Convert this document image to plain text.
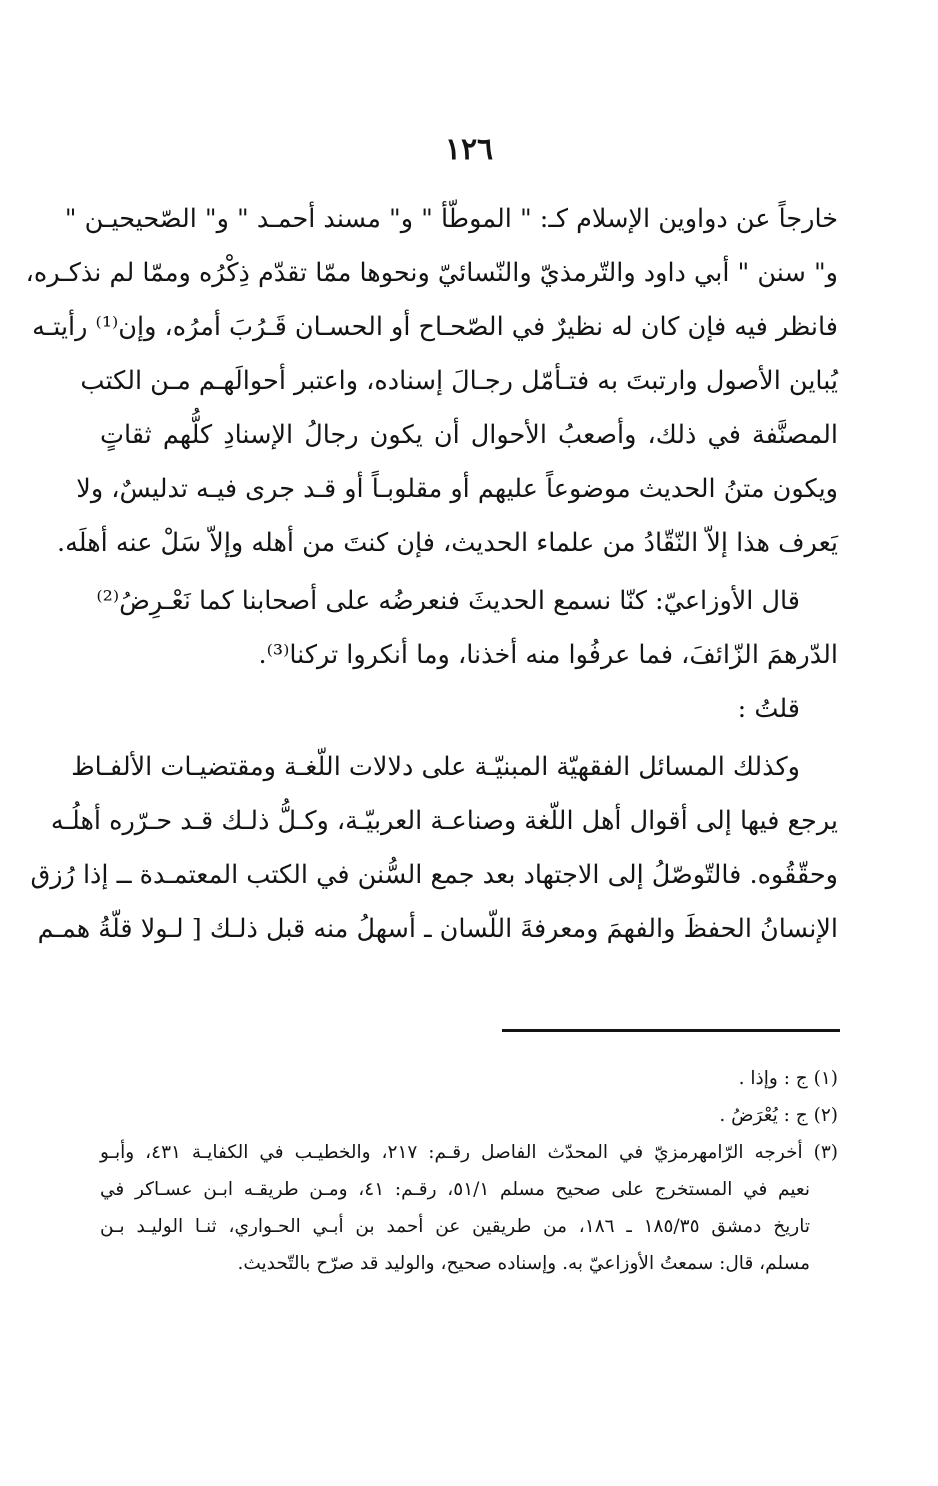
١٢٦
خارجاً عن دواوين الإسلام كـ: " الموطّأ " و" مسند أحمـد " و" الصّحيحيـن "
و" سنن " أبي داود والتّرمذيّ والنّسائيّ ونحوها ممّا تقدّم ذِكْرُه وممّا لم نذكـره،
فانظر فيه فإن كان له نظيرٌ في الصّحـاح أو الحسـان قَـرُبَ أمرُه، وإن⁽¹⁾ رأيتـه
يُباين الأصول وارتبتَ به فتـأمّل رجـالَ إسناده، واعتبر أحوالَهـم مـن الكتب
المصنَّفة في ذلك، وأصعبُ الأحوال أن يكون رجالُ الإسنادِ كلُّهم ثقاتٍ
ويكون متنُ الحديث موضوعاً عليهم أو مقلوبـاً أو قـد جرى فيـه تدليسٌ، ولا
يَعرف هذا إلاّ النّقّادُ من علماء الحديث، فإن كنتَ من أهله وإلاّ سَلْ عنه أهلَه.
قال الأوزاعيّ: كنّا نسمع الحديثَ فنعرضُه على أصحابنا كما نَعْـرِضُ⁽²⁾
الدّرهمَ الزّائفَ، فما عرفُوا منه أخذنا، وما أنكروا تركنا⁽³⁾.
قلتُ :
وكذلك المسائل الفقهيّة المبنيّـة على دلالات اللّغـة ومقتضيـات الألفـاظ
يرجع فيها إلى أقوال أهل اللّغة وصناعـة العربيّـة، وكـلُّ ذلـك قـد حـرّره أهلُـه
وحقّقُوه. فالتّوصّلُ إلى الاجتهاد بعد جمع السُّنن في الكتب المعتمـدة ــ إذا رُزق
الإنسانُ الحفظَ والفهمَ ومعرفةَ اللّسان ـ أسهلُ منه قبل ذلـك [ لـولا قلّةُ همـم
(١) ج : وإذا .
(٢) ج : يُعْرَضُ .
(٣) أخرجه الرّامهرمزيّ في المحدّث الفاصل رقـم: ٢١٧، والخطيـب في الكفايـة ٤٣١، وأبـو
نعيم في المستخرج على صحيح مسلم ٥١/١، رقـم: ٤١، ومـن طريقـه ابـن عسـاكر في
تاريخ دمشق ١٨٥/٣٥ ـ ١٨٦، من طريقين عن أحمد بن أبـي الحـواري، ثنـا الوليـد بـن
مسلم، قال: سمعتُ الأوزاعيّ به. وإسناده صحيح، والوليد قد صرّح بالتّحديث.
